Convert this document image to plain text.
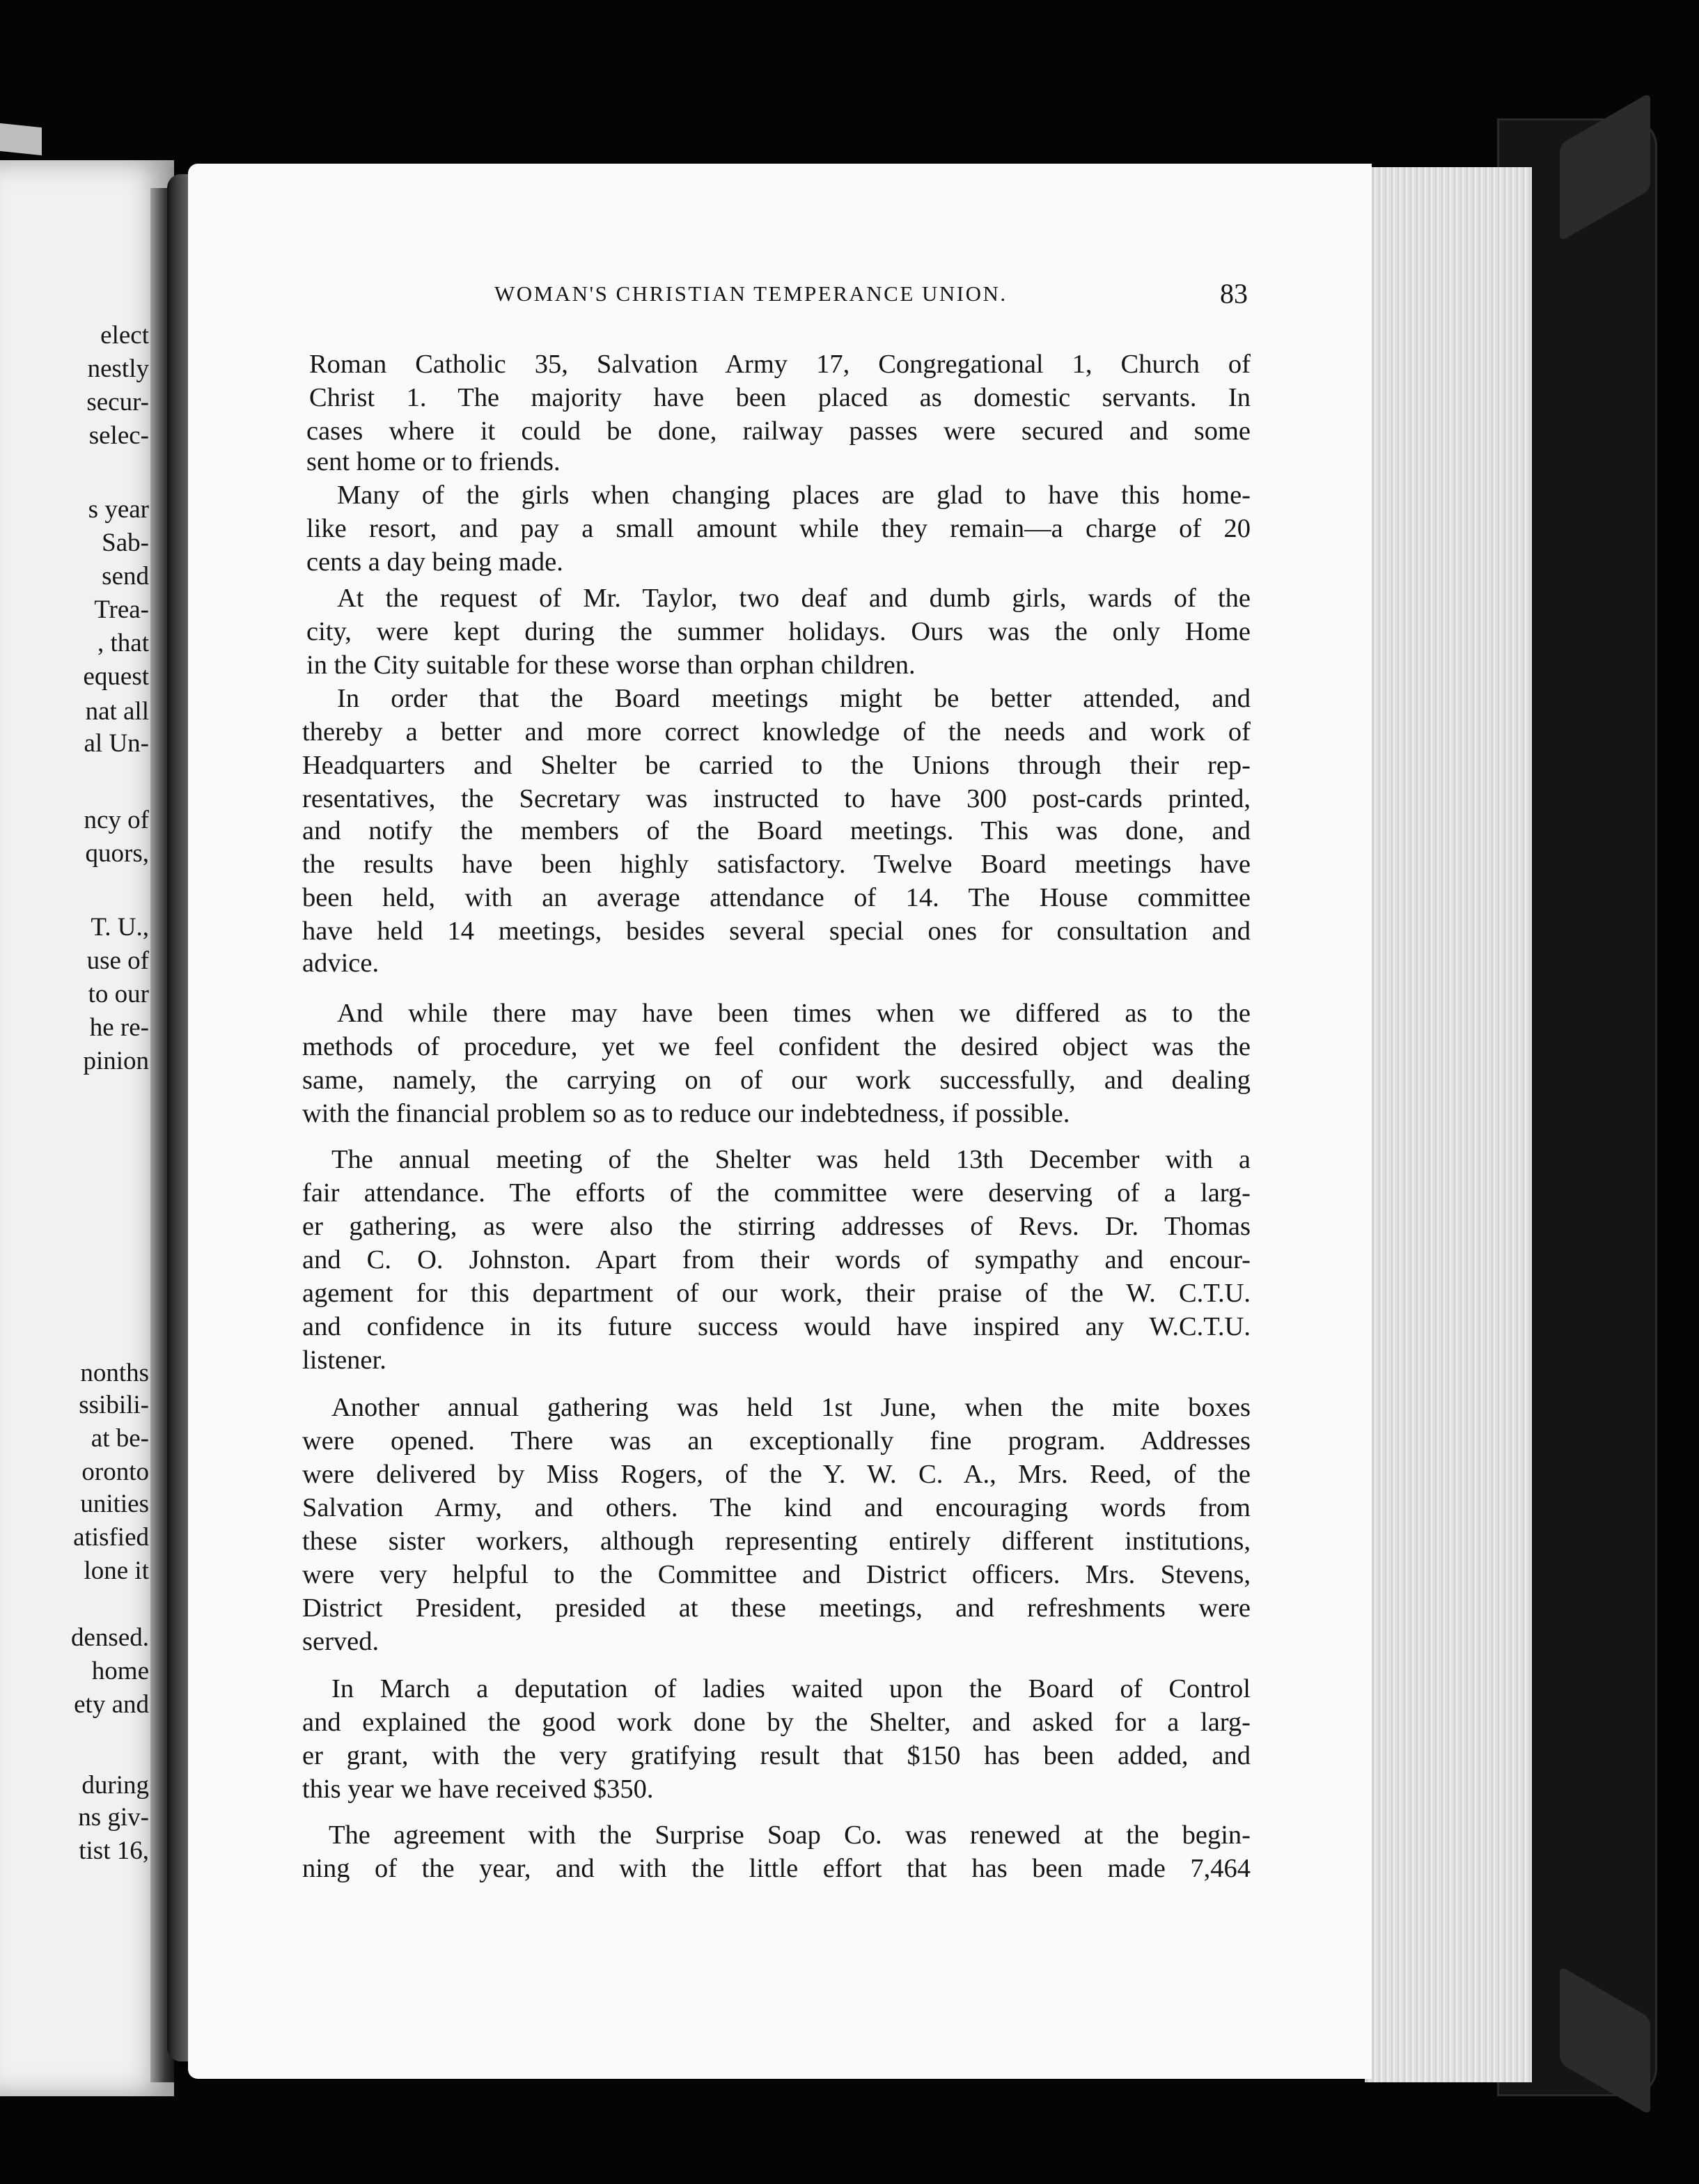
elect
nestly
secur-
selec-
s year
Sab-
send
Trea-
, that
equest
nat all
al Un-
ncy of
quors,
T. U.,
use of
to our
he re-
pinion
nonths
ssibili-
at be-
oronto
unities
atisfied
lone it
densed.
home
ety and
during
ns giv-
tist 16,
WOMAN'S CHRISTIAN TEMPERANCE UNION.	83
Roman Catholic 35, Salvation Army 17, Congregational 1, Church of
Christ 1. The majority have been placed as domestic servants. In
cases where it could be done, railway passes were secured and some
sent home or to friends.
Many of the girls when changing places are glad to have this home-
like resort, and pay a small amount while they remain—a charge of 20
cents a day being made.
At the request of Mr. Taylor, two deaf and dumb girls, wards of the
city, were kept during the summer holidays. Ours was the only Home
in the City suitable for these worse than orphan children.
In order that the Board meetings might be better attended, and
thereby a better and more correct knowledge of the needs and work of
Headquarters and Shelter be carried to the Unions through their rep-
resentatives, the Secretary was instructed to have 300 post-cards printed,
and notify the members of the Board meetings. This was done, and
the results have been highly satisfactory. Twelve Board meetings have
been held, with an average attendance of 14. The House committee
have held 14 meetings, besides several special ones for consultation and
advice.
And while there may have been times when we differed as to the
methods of procedure, yet we feel confident the desired object was the
same, namely, the carrying on of our work successfully, and dealing
with the financial problem so as to reduce our indebtedness, if possible.
The annual meeting of the Shelter was held 13th December with a
fair attendance. The efforts of the committee were deserving of a larg-
er gathering, as were also the stirring addresses of Revs. Dr. Thomas
and C. O. Johnston. Apart from their words of sympathy and encour-
agement for this department of our work, their praise of the W. C.T.U.
and confidence in its future success would have inspired any W.C.T.U.
listener.
Another annual gathering was held 1st June, when the mite boxes
were opened. There was an exceptionally fine program. Addresses
were delivered by Miss Rogers, of the Y. W. C. A., Mrs. Reed, of the
Salvation Army, and others. The kind and encouraging words from
these sister workers, although representing entirely different institutions,
were very helpful to the Committee and District officers. Mrs. Stevens,
District President, presided at these meetings, and refreshments were
served.
In March a deputation of ladies waited upon the Board of Control
and explained the good work done by the Shelter, and asked for a larg-
er grant, with the very gratifying result that $150 has been added, and
this year we have received $350.
The agreement with the Surprise Soap Co. was renewed at the begin-
ning of the year, and with the little effort that has been made 7,464
